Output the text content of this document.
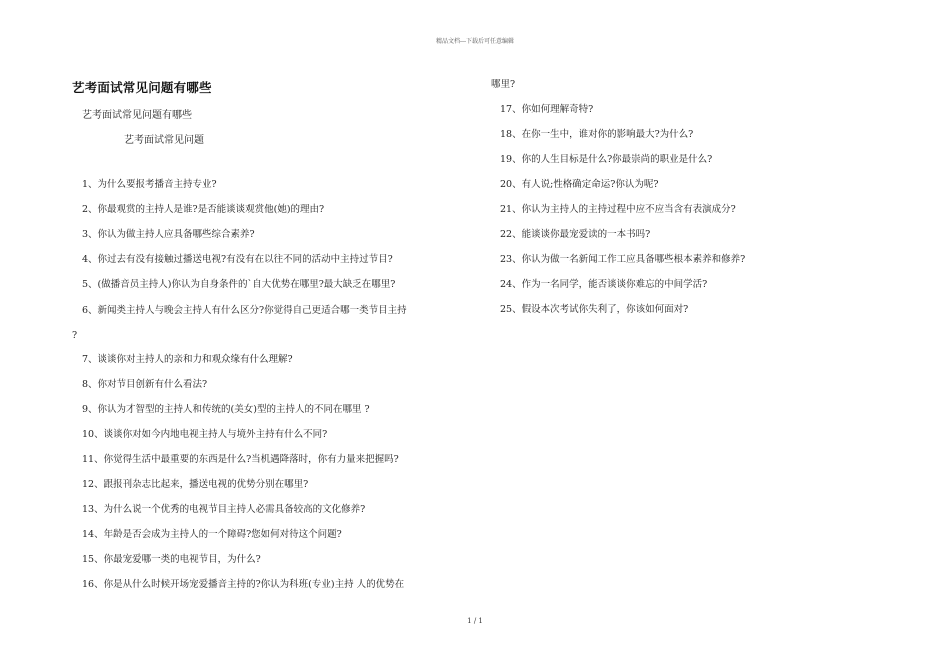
精品文档---下载后可任意编辑
艺考面试常见问题有哪些
艺考面试常见问题有哪些
艺考面试常见问题
1、为什么要报考播音主持专业?
2、你最观赏的主持人是谁?是否能谈谈观赏他(她)的理由?
3、你认为做主持人应具备哪些综合素养?
4、你过去有没有接触过播送电视?有没有在以往不同的活动中主持过节目?
5、(做播音员主持人)你认为自身条件的`自大优势在哪里?最大缺乏在哪里?
6、新闻类主持人与晚会主持人有什么区分?你觉得自己更适合哪一类节目主持
?
7、谈谈你对主持人的亲和力和观众缘有什么理解?
8、你对节目创新有什么看法?
9、你认为才智型的主持人和传统的(美女)型的主持人的不同在哪里 ?
10、谈谈你对如今内地电视主持人与境外主持有什么不同?
11、你觉得生活中最重要的东西是什么?当机遇降落时，你有力量来把握吗?
12、跟报刊杂志比起来，播送电视的优势分别在哪里?
13、为什么说一个优秀的电视节目主持人必需具备较高的文化修养?
14、年龄是否会成为主持人的一个障碍?您如何对待这个问题?
15、你最宠爱哪一类的电视节目，为什么?
16、你是从什么时候开场宠爱播音主持的?你认为科班(专业)主持 人的优势在
哪里?
17、你如何理解奇特?
18、在你一生中，谁对你的影响最大?为什么?
19、你的人生目标是什么?你最崇尚的职业是什么?
20、有人说;性格确定命运?你认为呢?
21、你认为主持人的主持过程中应不应当含有表演成分?
22、能谈谈你最宠爱读的一本书吗?
23、你认为做一名新闻工作工应具备哪些根本素养和修养?
24、作为一名同学，能否谈谈你难忘的中间学活?
25、假设本次考试你失利了，你该如何面对?
1 / 1
